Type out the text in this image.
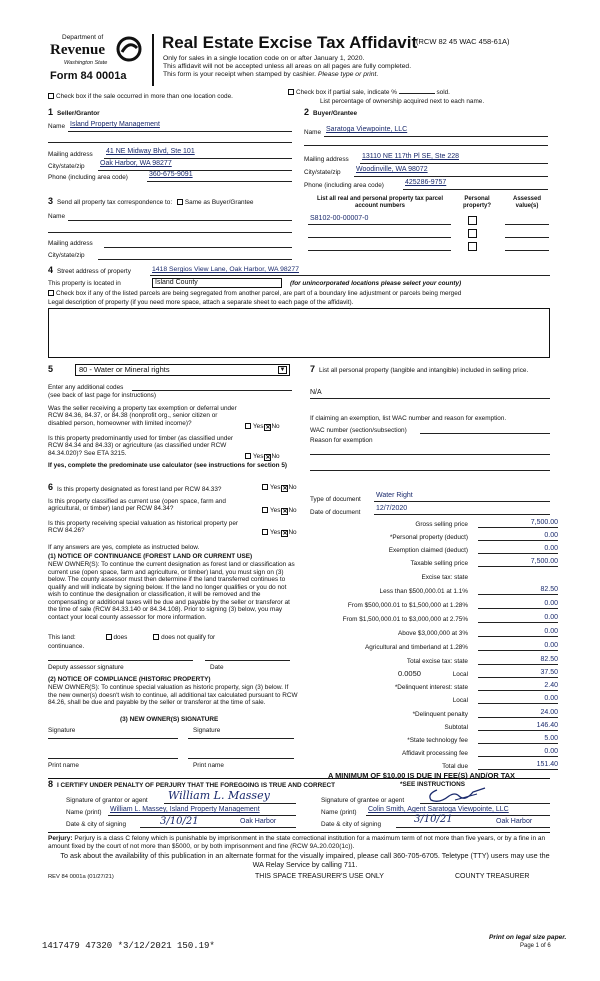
Department of
Revenue
Washington State
Form 84 0001a
Real Estate Excise Tax Affidavit
(RCW 82 45 WAC 458-61A)
Only for sales in a single location code on or after January 1, 2020.
This affidavit will not be accepted unless all areas on all pages are fully completed.
This form is your receipt when stamped by cashier. Please type or print.
Check box if the sale occurred in more than one location code.
Check box if partial sale, indicate %	sold.
List percentage of ownership acquired next to each name.
1 Seller/Grantor
Name Island Property Management
Mailing address 41 NE Midway Blvd, Ste 101
City/state/zip Oak Harbor, WA 98277
Phone (including area code)	360-675-9091
2 Buyer/Grantee
Name Saratoga Viewpointe, LLC
Mailing address 13110 NE 117th Pl SE, Ste 228
City/state/zip Woodinville, WA 98072
Phone (including area code)	425286-9757
3 Send all property tax correspondence to: Same as Buyer/Grantee
Name
Mailing address
City/state/zip
List all real and personal property tax parcel account numbers
Personal property?
Assessed value(s)
S8102-00-00007-0
4 Street address of property	1418 Sergios View Lane, Oak Harbor, WA 98277
This property is located in	Island County	(for unincorporated locations please select your county)
Check box if any of the listed parcels are being segregated from another parcel, are part of a boundary line adjustment or parcels being merged
Legal description of property (if you need more space, attach a separate sheet to each page of the affidavit).
5	80 - Water or Mineral rights	▼
Enter any additional codes
(see back of last page for instructions)
Was the seller receiving a property tax exemption or deferral under RCW 84.36, 84.37, or 84.38 (nonprofit org., senior citizen or disabled person, homeowner with limited income)?	Yes ✕No
Is this property predominantly used for timber (as classified under RCW 84.34 and 84.33) or agriculture (as classified under RCW 84.34.020)? See ETA 3215.	Yes ✕No
If yes, complete the predominate use calculator (see instructions for section 5)
6 Is this property designated as forest land per RCW 84.33?	Yes ✕No
Is this property classified as current use (open space, farm and agricultural, or timber) land per RCW 84.34?	Yes ✕No
Is this property receiving special valuation as historical property per RCW 84.26?	Yes ✕No
If any answers are yes, complete as instructed below.
(1) NOTICE OF CONTINUANCE (FOREST LAND OR CURRENT USE)
NEW OWNER(S): To continue the current designation as forest land or classification as current use (open space, farm and agriculture, or timber) land, you must sign on (3) below. The county assessor must then determine if the land transferred continues to qualify and will indicate by signing below. If the land no longer qualifies or you do not wish to continue the designation or classification, it will be removed and the compensating or additional taxes will be due and payable by the seller or transferor at the time of sale (RCW 84.33.140 or 84.34.108). Prior to signing (3) below, you may contact your local county assessor for more information.
This land:	does	does not qualify for
continuance.
Deputy assessor signature	Date
(2) NOTICE OF COMPLIANCE (HISTORIC PROPERTY)
NEW OWNER(S): To continue special valuation as historic property, sign (3) below. If the new owner(s) doesn't wish to continue, all additional tax calculated pursuant to RCW 84.26, shall be due and payable by the seller or transferor at the time of sale.
(3) NEW OWNER(S) SIGNATURE
Signature	Signature
Print name	Print name
7 List all personal property (tangible and intangible) included in selling price.
N/A
If claiming an exemption, list WAC number and reason for exemption.
WAC number (section/subsection)
Reason for exemption
Type of document
Water Right
Date of document
12/7/2020
Gross selling price	7,500.00
*Personal property (deduct)	0.00
Exemption claimed (deduct)	0.00
Taxable selling price	7,500.00
Excise tax: state
Less than $500,000.01 at 1.1%	82.50
From $500,000.01 to $1,500,000 at 1.28%	0.00
From $1,500,000.01 to $3,000,000 at 2.75%	0.00
Above $3,000,000 at 3%	0.00
Agricultural and timberland at 1.28%	0.00
Total excise tax: state	82.50
0.0050	Local	37.50
*Delinquent interest: state	2.40
Local	0.00
*Delinquent penalty	24.00
Subtotal	146.40
*State technology fee	5.00
Affidavit processing fee	0.00
Total due	151.40
A MINIMUM OF $10.00 IS DUE IN FEE(S) AND/OR TAX
*SEE INSTRUCTIONS
8 I CERTIFY UNDER PENALTY OF PERJURY THAT THE FOREGOING IS TRUE AND CORRECT
Signature of grantor or agent William L. Massey
Name (print) William L. Massey, Island Property Management
Date & city of signing	3/10/21	Oak Harbor
Signature of grantee or agent
Name (print) Colin Smith, Agent Saratoga Viewpointe, LLC
Date & city of signing	3/10/21	Oak Harbor
Perjury: Perjury is a class C felony which is punishable by imprisonment in the state correctional institution for a maximum term of not more than five years, or by a fine in an amount fixed by the court of not more than $5000, or by both imprisonment and fine (RCW 9A.20.020(1c)).
To ask about the availability of this publication in an alternate format for the visually impaired, please call 360-705-6705. Teletype (TTY) users may use the WA Relay Service by calling 711.
REV 84 0001a (01/27/21)	THIS SPACE TREASURER'S USE ONLY	COUNTY TREASURER
1417479 47320 *3/12/2021 150.19*
Print on legal size paper.
Page 1 of 6
